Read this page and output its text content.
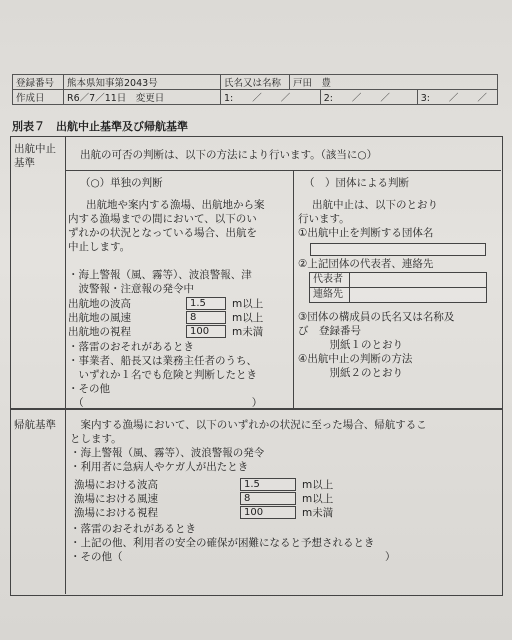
登録番号	熊本県知事第2043号	氏名又は名称	戸田　豊		
作成日	R6／7／11日　 変更日	1:　　／　　／		2:　　／　　／	3:　　／　　／
別表７　出航中止基準及び帰航基準
出航中止
基準
出航の可否の判断は、以下の方法により行います。（該当に○）
（○）単独の判断	（　）団体による判断
出航地や案内する漁場、出航地から案
内する漁場までの間において、以下のい
ずれかの状況となっている場合、出航を
中止します。
・海上警報（風、霧等）、波浪警報、津
　波警報・注意報の発令中
出航地の波高	1.5	m以上
出航地の風速	8	m以上
出航地の視程	100	m未満
・落雷のおそれがあるとき
・事業者、船長又は業務主任者のうち、
　いずれか１名でも危険と判断したとき
・その他
　（　　　　　　　　　　　　　　　　）
出航中止は、以下のとおり
行います。
①出航中止を判断する団体名
②上記団体の代表者、連絡先
代表者	
連絡先	
③団体の構成員の氏名又は名称及
び　登録番号
　　　別紙１のとおり
④出航中止の判断の方法
　　　別紙２のとおり
帰航基準 　案内する漁場において、以下のいずれかの状況に至った場合、帰航するこ
とします。
・海上警報（風、霧等）、波浪警報の発令
・利用者に急病人やケガ人が出たとき
漁場における波高	1.5	m以上
漁場における風速	8	m以上
漁場における視程	100	m未満
・落雷のおそれがあるとき
・上記の他、利用者の安全の確保が困難になると予想されるとき
・その他（　　　　　　　　　　　　　　　　　　　　　　　　　）
